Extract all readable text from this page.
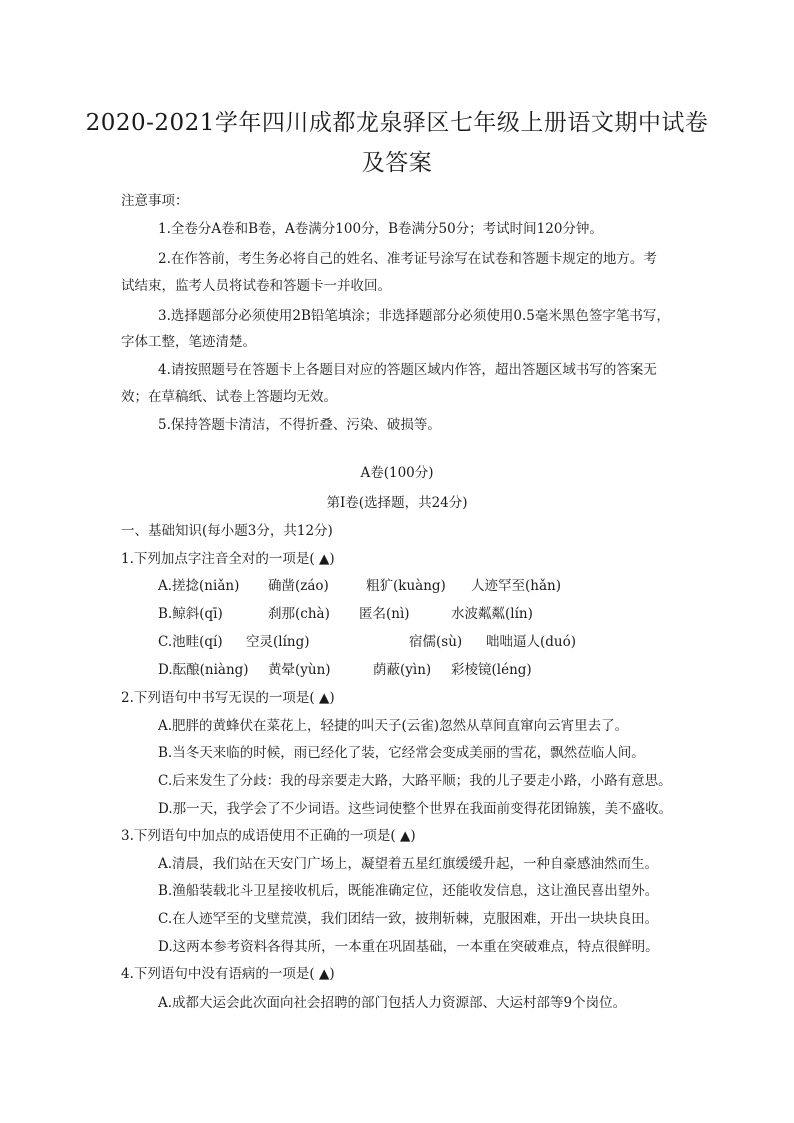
2020-2021学年四川成都龙泉驿区七年级上册语文期中试卷
及答案
注意事项：
1.全卷分A卷和B卷，A卷满分100分，B卷满分50分；考试时间120分钟。
2.在作答前，考生务必将自己的姓名、准考证号涂写在试卷和答题卡规定的地方。考
试结束，监考人员将试卷和答题卡一并收回。
3.选择题部分必须使用2B铅笔填涂；非选择题部分必须使用0.5毫米黑色签字笔书写，
字体工整，笔迹清楚。
4.请按照题号在答题卡上各题目对应的答题区域内作答，超出答题区域书写的答案无
效；在草稿纸、试卷上答题均无效。
5.保持答题卡清洁，不得折叠、污染、破损等。
A卷(100分)
第Ⅰ卷(选择题，共24分)
一、基础知识(每小题3分，共12分)
1.下列加点字注音全对的一项是( ▲)
A.搓捻(niǎn) 确凿(záo)	粗犷(kuàng) 人迹罕至(hǎn)
B.鲸斜(qī)	刹那(chà) 匿名(nì)	水波粼粼(lín)
C.池畦(qí) 空灵(líng)	宿儒(sù) 咄咄逼人(duó)
D.酝酿(niàng) 黄晕(yùn)	荫蔽(yìn) 彩棱镜(léng)
2.下列语句中书写无误的一项是( ▲)
A.肥胖的黄蜂伏在菜花上，轻捷的叫天子(云雀)忽然从草间直窜向云宵里去了。
B.当冬天来临的时候，雨已经化了装，它经常会变成美丽的雪花，飘然莅临人间。
C.后来发生了分歧：我的母亲要走大路，大路平顺；我的儿子要走小路，小路有意思。
D.那一天，我学会了不少词语。这些词使整个世界在我面前变得花团锦簇，美不盛收。
3.下列语句中加点的成语使用不正确的一项是( ▲)
A.清晨，我们站在天安门广场上，凝望着五星红旗缓缓升起，一种自豪感油然而生。
B.渔船装载北斗卫星接收机后，既能准确定位，还能收发信息，这让渔民喜出望外。
C.在人迹罕至的戈壁荒漠，我们团结一致，披荆斩棘，克服困难，开出一块块良田。
D.这两本参考资料各得其所，一本重在巩固基础，一本重在突破难点，特点很鲜明。
4.下列语句中没有语病的一项是( ▲)
A.成都大运会此次面向社会招聘的部门包括人力资源部、大运村部等9个岗位。
